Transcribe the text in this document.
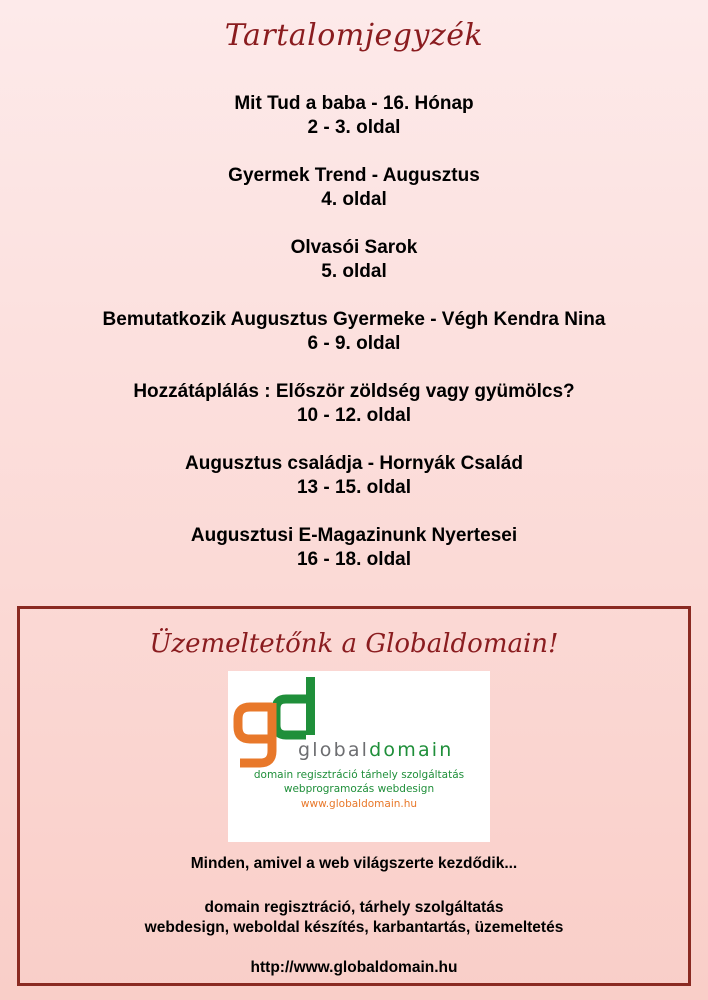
Tartalomjegyzék
Mit Tud a baba - 16. Hónap
2 - 3. oldal
Gyermek Trend - Augusztus
4. oldal
Olvasói Sarok
5. oldal
Bemutatkozik Augusztus Gyermeke - Végh Kendra Nina
6 - 9. oldal
Hozzátáplálás : Először zöldség vagy gyümölcs?
10 - 12. oldal
Augusztus családja - Hornyák Család
13 - 15. oldal
Augusztusi E-Magazinunk Nyertesei
16 - 18. oldal
Üzemeltetőnk a Globaldomain!
globaldomain
domain regisztráció tárhely szolgáltatás
webprogramozás webdesign
www.globaldomain.hu
Minden, amivel a web világszerte kezdődik...
domain regisztráció, tárhely szolgáltatás
webdesign, weboldal készítés, karbantartás, üzemeltetés
http://www.globaldomain.hu
